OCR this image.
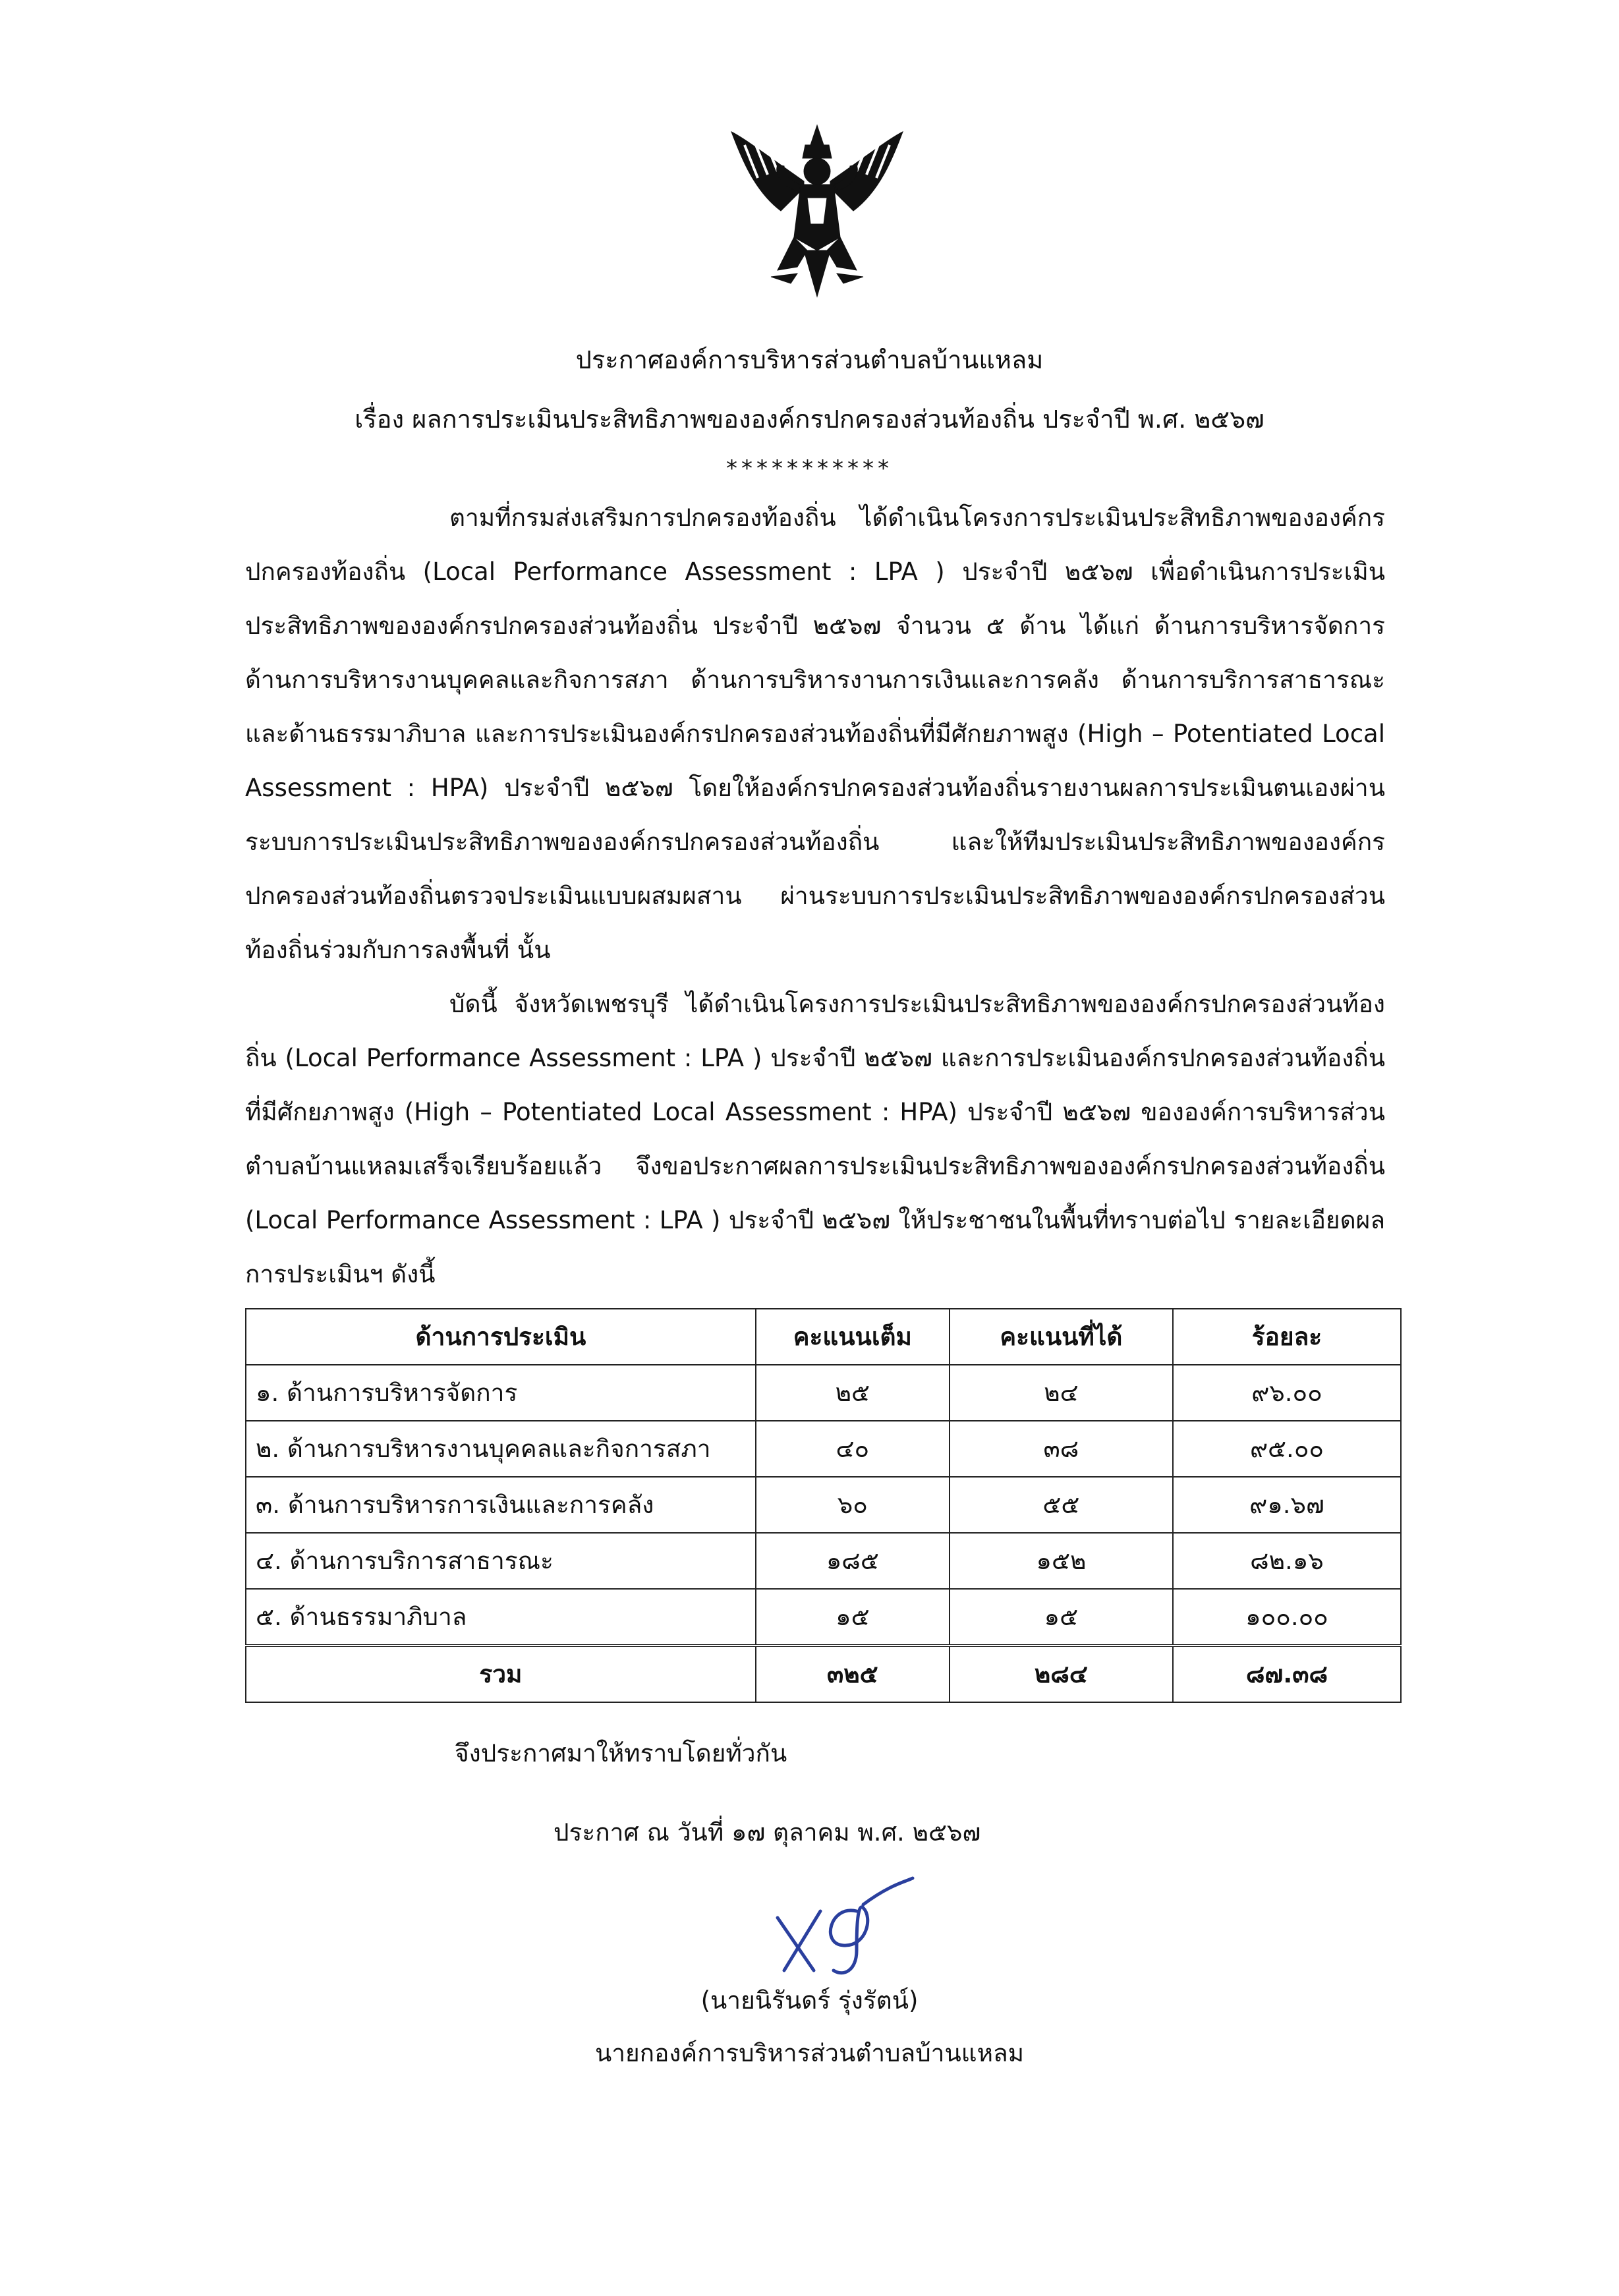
ประกาศองค์การบริหารส่วนตำบลบ้านแหลม
เรื่อง ผลการประเมินประสิทธิภาพขององค์กรปกครองส่วนท้องถิ่น ประจำปี พ.ศ. ๒๕๖๗
***********

ตามที่กรมส่งเสริมการปกครองท้องถิ่น ได้ดำเนินโครงการประเมินประสิทธิภาพขององค์กรปกครองท้องถิ่น (Local Performance Assessment : LPA ) ประจำปี ๒๕๖๗ เพื่อดำเนินการประเมินประสิทธิภาพขององค์กรปกครองส่วนท้องถิ่น ประจำปี ๒๕๖๗ จำนวน ๕ ด้าน ได้แก่ ด้านการบริหารจัดการ ด้านการบริหารงานบุคคลและกิจการสภา ด้านการบริหารงานการเงินและการคลัง ด้านการบริการสาธารณะและด้านธรรมาภิบาล และการประเมินองค์กรปกครองส่วนท้องถิ่นที่มีศักยภาพสูง (High – Potentiated Local Assessment : HPA) ประจำปี ๒๕๖๗ โดยให้องค์กรปกครองส่วนท้องถิ่นรายงานผลการประเมินตนเองผ่านระบบการประเมินประสิทธิภาพขององค์กรปกครองส่วนท้องถิ่น และให้ทีมประเมินประสิทธิภาพขององค์กรปกครองส่วนท้องถิ่นตรวจประเมินแบบผสมผสาน ผ่านระบบการประเมินประสิทธิภาพขององค์กรปกครองส่วนท้องถิ่นร่วมกับการลงพื้นที่ นั้น

บัดนี้ จังหวัดเพชรบุรี ได้ดำเนินโครงการประเมินประสิทธิภาพขององค์กรปกครองส่วนท้องถิ่น (Local Performance Assessment : LPA ) ประจำปี ๒๕๖๗ และการประเมินองค์กรปกครองส่วนท้องถิ่นที่มีศักยภาพสูง (High – Potentiated Local Assessment : HPA) ประจำปี ๒๕๖๗ ขององค์การบริหารส่วนตำบลบ้านแหลมเสร็จเรียบร้อยแล้ว จึงขอประกาศผลการประเมินประสิทธิภาพขององค์กรปกครองส่วนท้องถิ่น (Local Performance Assessment : LPA ) ประจำปี ๒๕๖๗ ให้ประชาชนในพื้นที่ทราบต่อไป รายละเอียดผลการประเมินฯ ดังนี้

ด้านการประเมิน	คะแนนเต็ม	คะแนนที่ได้	ร้อยละ
๑. ด้านการบริหารจัดการ	๒๕	๒๔	๙๖.๐๐
๒. ด้านการบริหารงานบุคคลและกิจการสภา	๔๐	๓๘	๙๕.๐๐
๓. ด้านการบริหารการเงินและการคลัง	๖๐	๕๕	๙๑.๖๗
๔. ด้านการบริการสาธารณะ	๑๘๕	๑๕๒	๘๒.๑๖
๕. ด้านธรรมาภิบาล	๑๕	๑๕	๑๐๐.๐๐
รวม	๓๒๕	๒๘๔	๘๗.๓๘
จึงประกาศมาให้ทราบโดยทั่วกัน
ประกาศ ณ วันที่ ๑๗ ตุลาคม พ.ศ. ๒๕๖๗
(นายนิรันดร์ รุ่งรัตน์)
นายกองค์การบริหารส่วนตำบลบ้านแหลม
